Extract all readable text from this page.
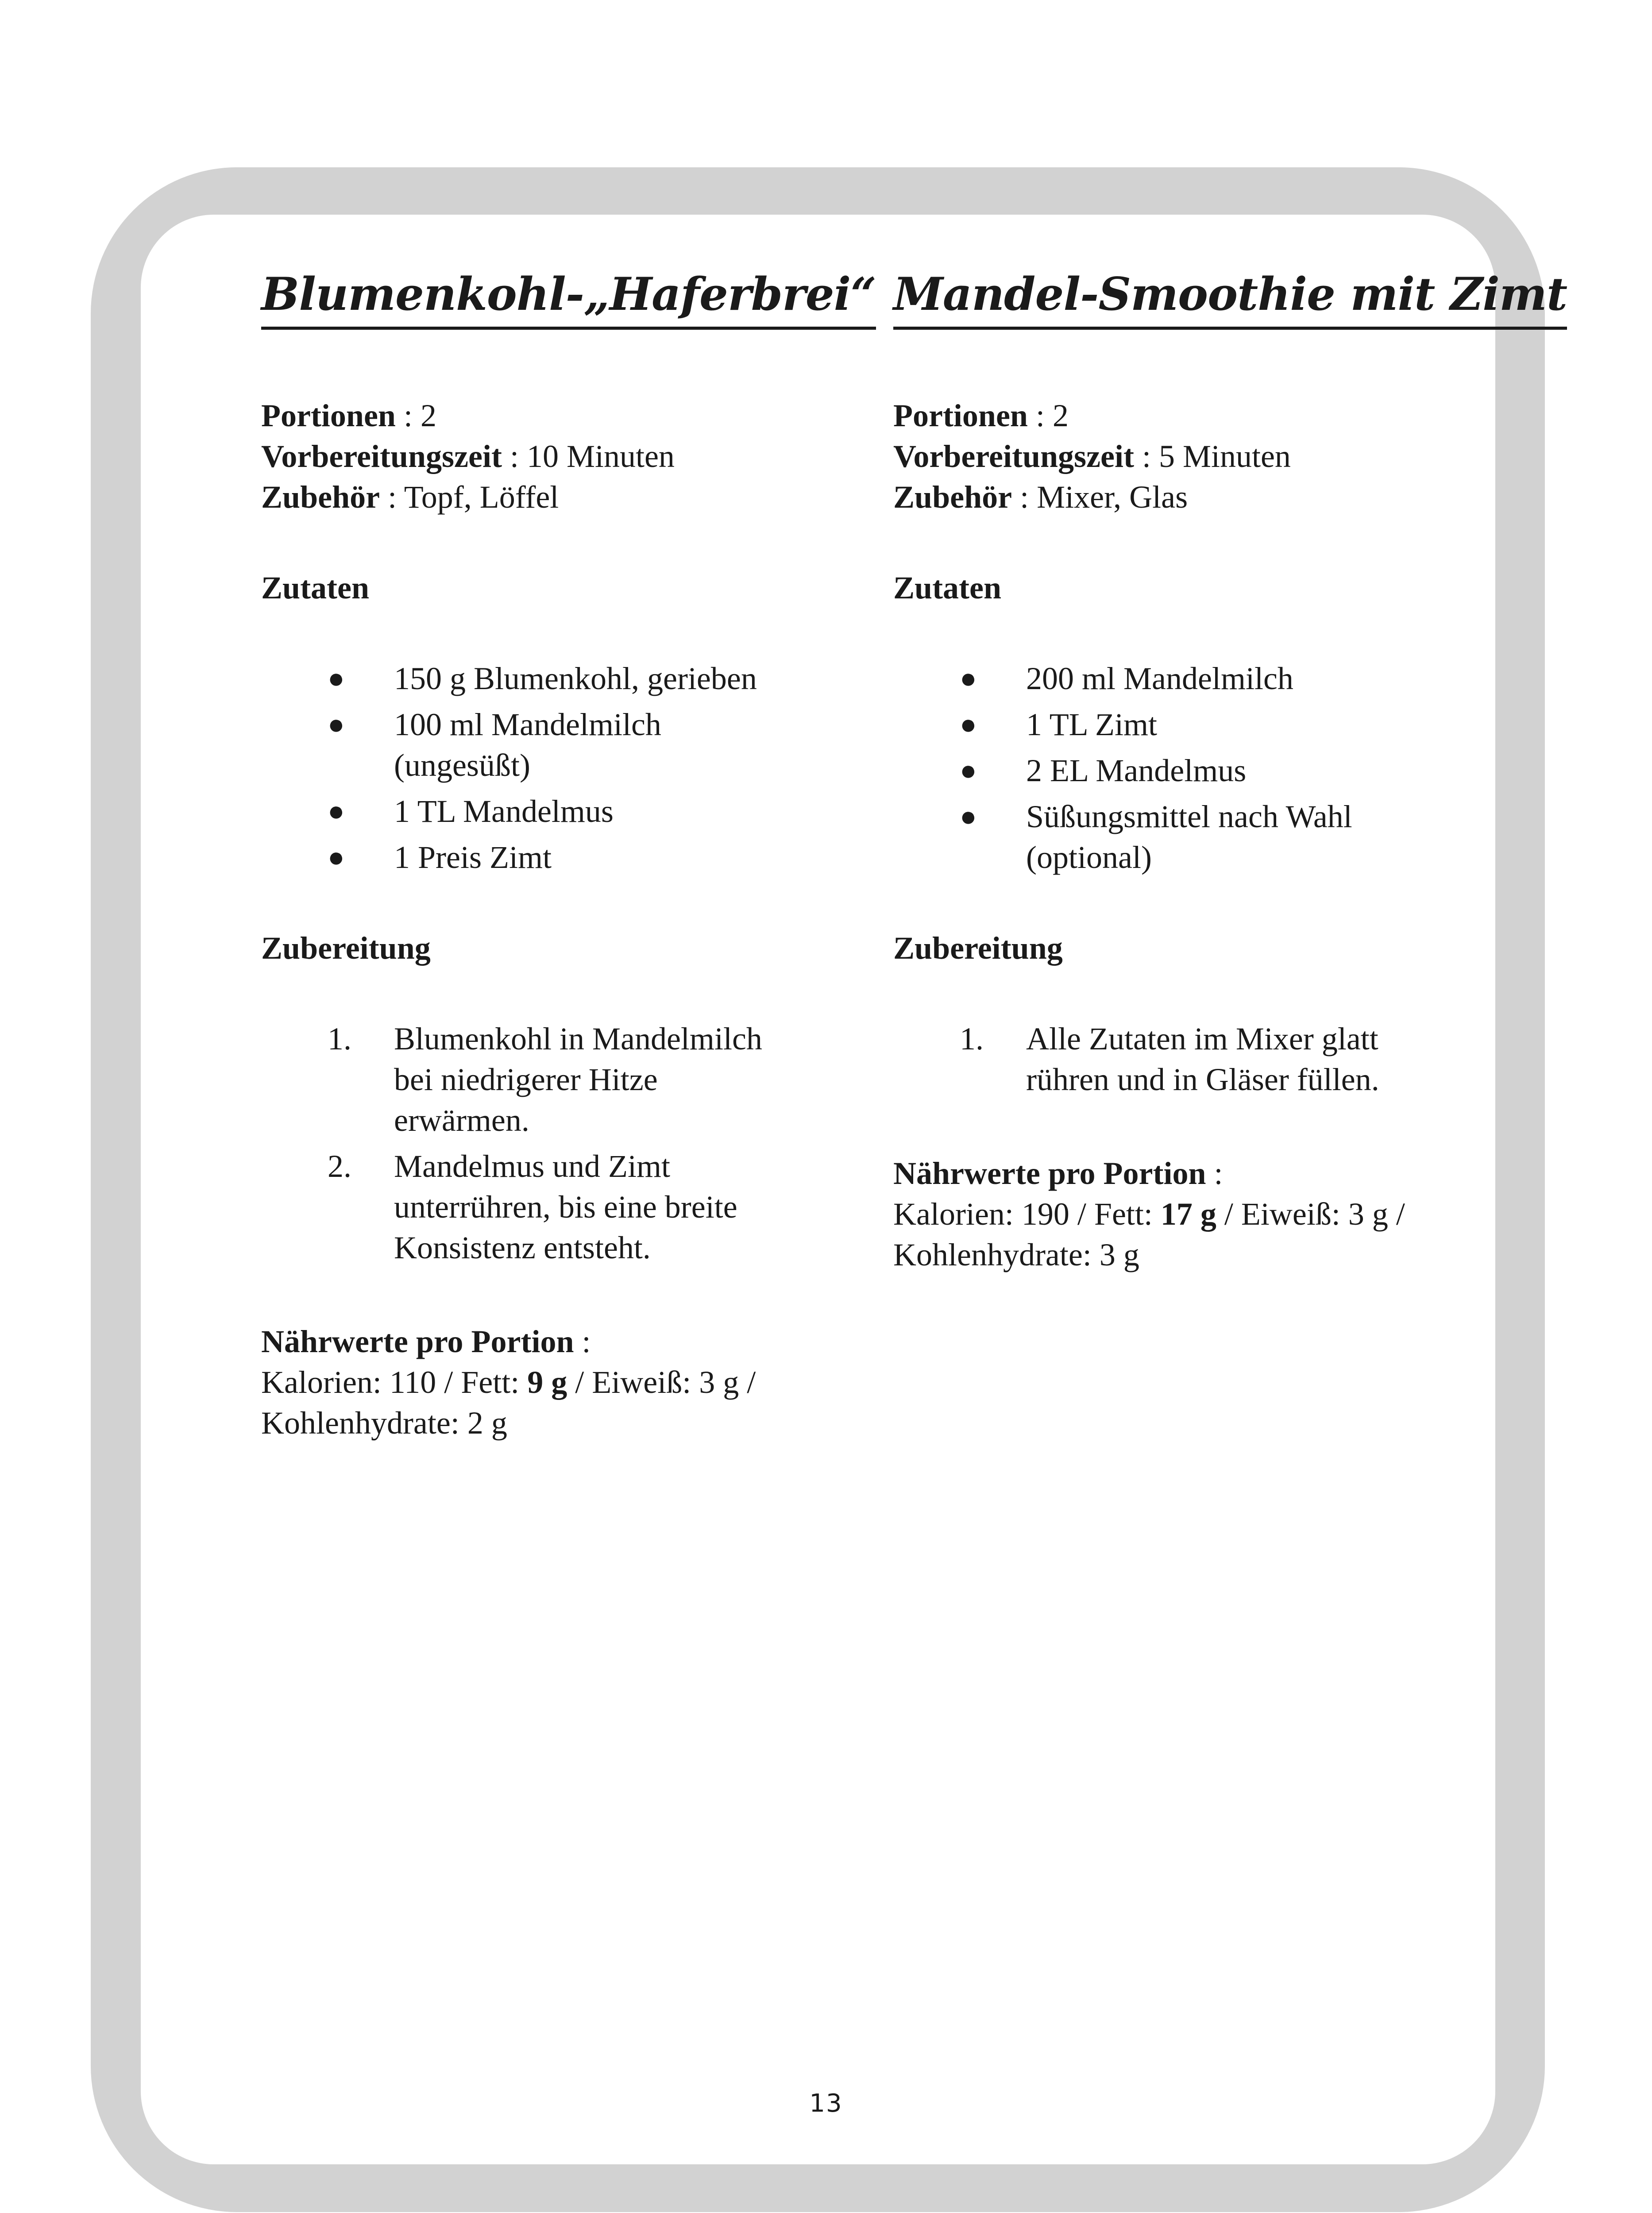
Blumenkohl-„Haferbrei“

Portionen : 2

Vorbereitungszeit : 10 Minuten

Zubehör : Topf, Löffel

Zutaten

● 150 g Blumenkohl, gerieben
● 100 ml Mandelmilch (ungesüßt)
● 1 TL Mandelmus
● 1 Preis Zimt

Zubereitung

1. Blumenkohl in Mandelmilch bei niedrigerer Hitze erwärmen.
2. Mandelmus und Zimt unterrühren, bis eine breite Konsistenz entsteht.

Nährwerte pro Portion :
Kalorien: 110 / Fett: 9 g / Eiweiß: 3 g / Kohlenhydrate: 2 g

Mandel-Smoothie mit Zimt

Portionen : 2

Vorbereitungszeit : 5 Minuten

Zubehör : Mixer, Glas

Zutaten

● 200 ml Mandelmilch
● 1 TL Zimt
● 2 EL Mandelmus
● Süßungsmittel nach Wahl (optional)

Zubereitung

1. Alle Zutaten im Mixer glatt rühren und in Gläser füllen.

Nährwerte pro Portion :
Kalorien: 190 / Fett: 17 g / Eiweiß: 3 g / Kohlenhydrate: 3 g

13
